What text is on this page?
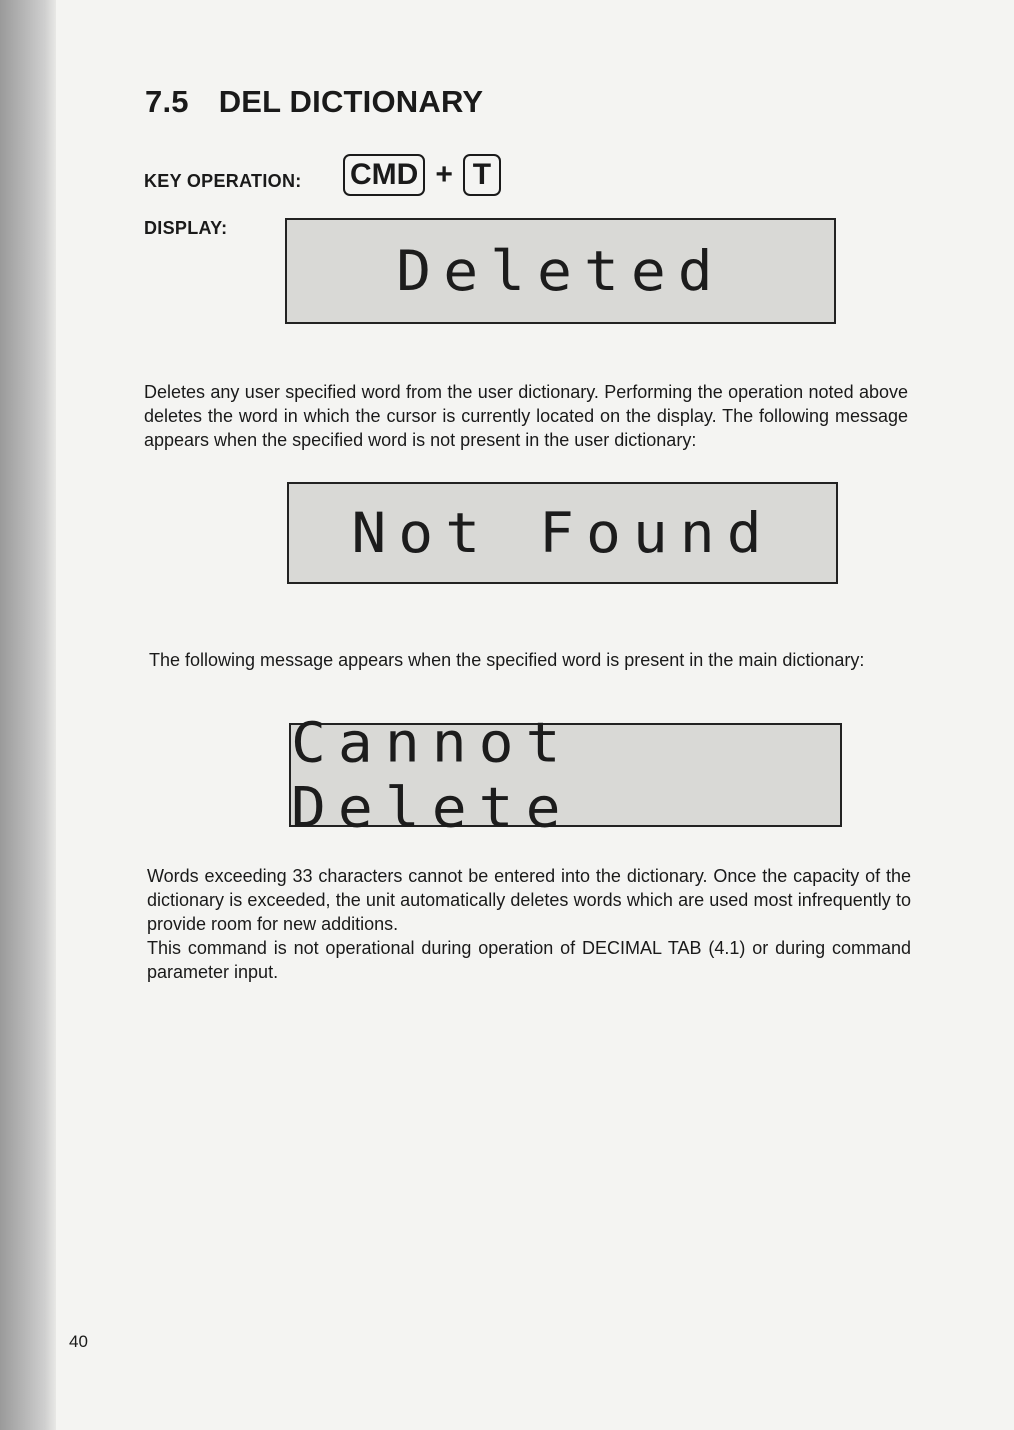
7.5 DEL DICTIONARY
KEY OPERATION: CMD + T
DISPLAY:
Deleted
Deletes any user specified word from the user dictionary. Performing the operation noted above deletes the word in which the cursor is currently located on the display. The following message appears when the specified word is not present in the user dictionary:
Not Found
The following message appears when the specified word is present in the main dictionary:
Cannot Delete
Words exceeding 33 characters cannot be entered into the dictionary. Once the capacity of the dictionary is exceeded, the unit automatically deletes words which are used most infrequently to provide room for new additions.
This command is not operational during operation of DECIMAL TAB (4.1) or during command parameter input.
40
